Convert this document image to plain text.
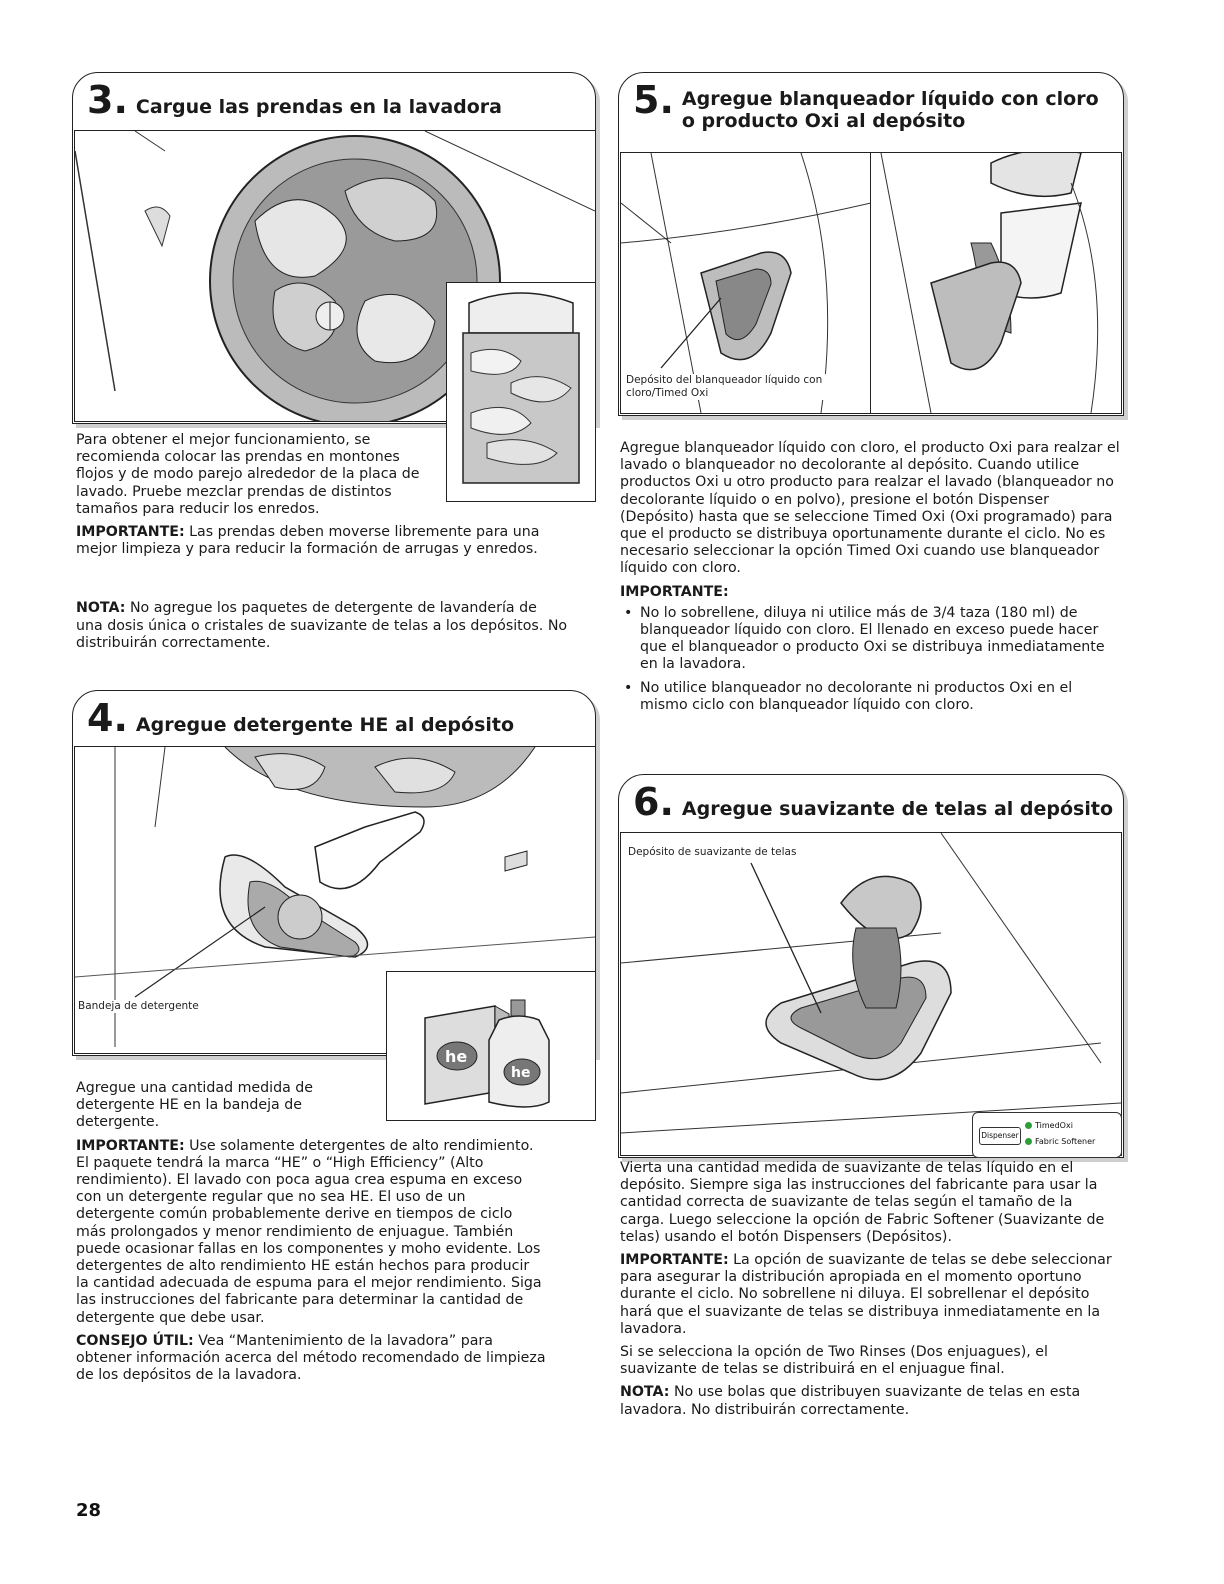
3. Cargue las prendas en la lavadora

Para obtener el mejor funcionamiento, se recomienda colocar las prendas en montones flojos y de modo parejo alrededor de la placa de lavado. Pruebe mezclar prendas de distintos tamaños para reducir los enredos.

IMPORTANTE: Las prendas deben moverse libremente para una mejor limpieza y para reducir la formación de arrugas y enredos.

NOTA: No agregue los paquetes de detergente de lavandería de una dosis única o cristales de suavizante de telas a los depósitos. No distribuirán correctamente.

4. Agregue detergente HE al depósito
Bandeja de detergente
he
he

Agregue una cantidad medida de detergente HE en la bandeja de detergente.

IMPORTANTE: Use solamente detergentes de alto rendimiento. El paquete tendrá la marca “HE” o “High Efficiency” (Alto rendimiento). El lavado con poca agua crea espuma en exceso con un detergente regular que no sea HE. El uso de un detergente común probablemente derive en tiempos de ciclo más prolongados y menor rendimiento de enjuague. También puede ocasionar fallas en los componentes y moho evidente. Los detergentes de alto rendimiento HE están hechos para producir la cantidad adecuada de espuma para el mejor rendimiento. Siga las instrucciones del fabricante para determinar la cantidad de detergente que debe usar.

CONSEJO ÚTIL: Vea “Mantenimiento de la lavadora” para obtener información acerca del método recomendado de limpieza de los depósitos de la lavadora.

5. Agregue blanqueador líquido con cloro o producto Oxi al depósito
Depósito del blanqueador líquido con cloro/Timed Oxi

Agregue blanqueador líquido con cloro, el producto Oxi para realzar el lavado o blanqueador no decolorante al depósito. Cuando utilice productos Oxi u otro producto para realzar el lavado (blanqueador no decolorante líquido o en polvo), presione el botón Dispenser (Depósito) hasta que se seleccione Timed Oxi (Oxi programado) para que el producto se distribuya oportunamente durante el ciclo. No es necesario seleccionar la opción Timed Oxi cuando use blanqueador líquido con cloro.

IMPORTANTE:

• No lo sobrellene, diluya ni utilice más de 3/4 taza (180 ml) de blanqueador líquido con cloro. El llenado en exceso puede hacer que el blanqueador o producto Oxi se distribuya inmediatamente en la lavadora.
• No utilice blanqueador no decolorante ni productos Oxi en el mismo ciclo con blanqueador líquido con cloro.
6. Agregue suavizante de telas al depósito
Depósito de suavizante de telas
Dispenser
TimedOxi
Fabric Softener

Vierta una cantidad medida de suavizante de telas líquido en el depósito. Siempre siga las instrucciones del fabricante para usar la cantidad correcta de suavizante de telas según el tamaño de la carga. Luego seleccione la opción de Fabric Softener (Suavizante de telas) usando el botón Dispensers (Depósitos).

IMPORTANTE: La opción de suavizante de telas se debe seleccionar para asegurar la distribución apropiada en el momento oportuno durante el ciclo. No sobrellene ni diluya. El sobrellenar el depósito hará que el suavizante de telas se distribuya inmediatamente en la lavadora.

Si se selecciona la opción de Two Rinses (Dos enjuagues), el suavizante de telas se distribuirá en el enjuague final.

NOTA: No use bolas que distribuyen suavizante de telas en esta lavadora. No distribuirán correctamente.

28
